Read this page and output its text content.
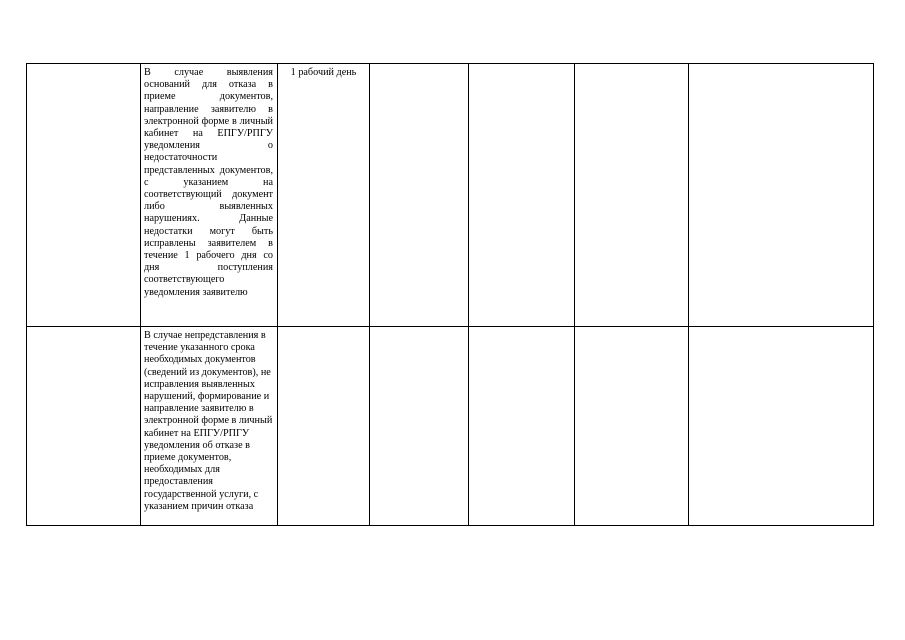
	В случае выявления оснований для отказа в приеме документов, направление заявителю в электронной форме в личный кабинет на ЕПГУ/РПГУ уведомления о недостаточности представленных документов, с указанием на соответствующий документ либо выявленных нарушениях. Данные недостатки могут быть исправлены заявителем в течение 1 рабочего дня со дня поступления соответствующего уведомления заявителю	1 рабочий день				

	В случае непредставления в течение указанного срока необходимых документов (сведений из документов), не исправления выявленных нарушений, формирование и направление заявителю в электронной форме в личный кабинет на ЕПГУ/РПГУ уведомления об отказе в приеме документов, необходимых для предоставления государственной услуги, с указанием причин отказа					
